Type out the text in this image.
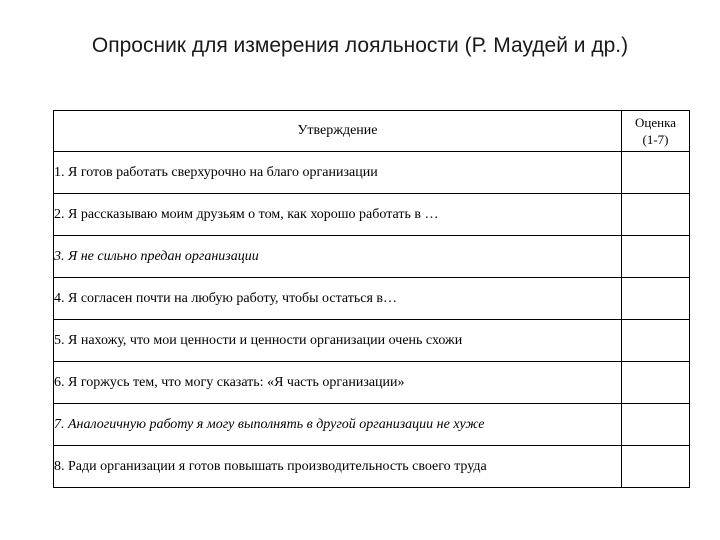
Опросник для измерения лояльности (Р. Маудей и др.)
Утверждение	Оценка
(1-7)
1. Я готов работать сверхурочно на благо организации	
2. Я рассказываю моим друзьям о том, как хорошо работать в …	
3. Я не сильно предан организации	
4. Я согласен почти на любую работу, чтобы остаться в…	
5. Я нахожу, что мои ценности и ценности организации очень схожи	
6. Я горжусь тем, что могу сказать: «Я часть организации»	
7. Аналогичную работу я могу выполнять в другой организации не хуже	
8. Ради организации я готов повышать производительность своего труда	
